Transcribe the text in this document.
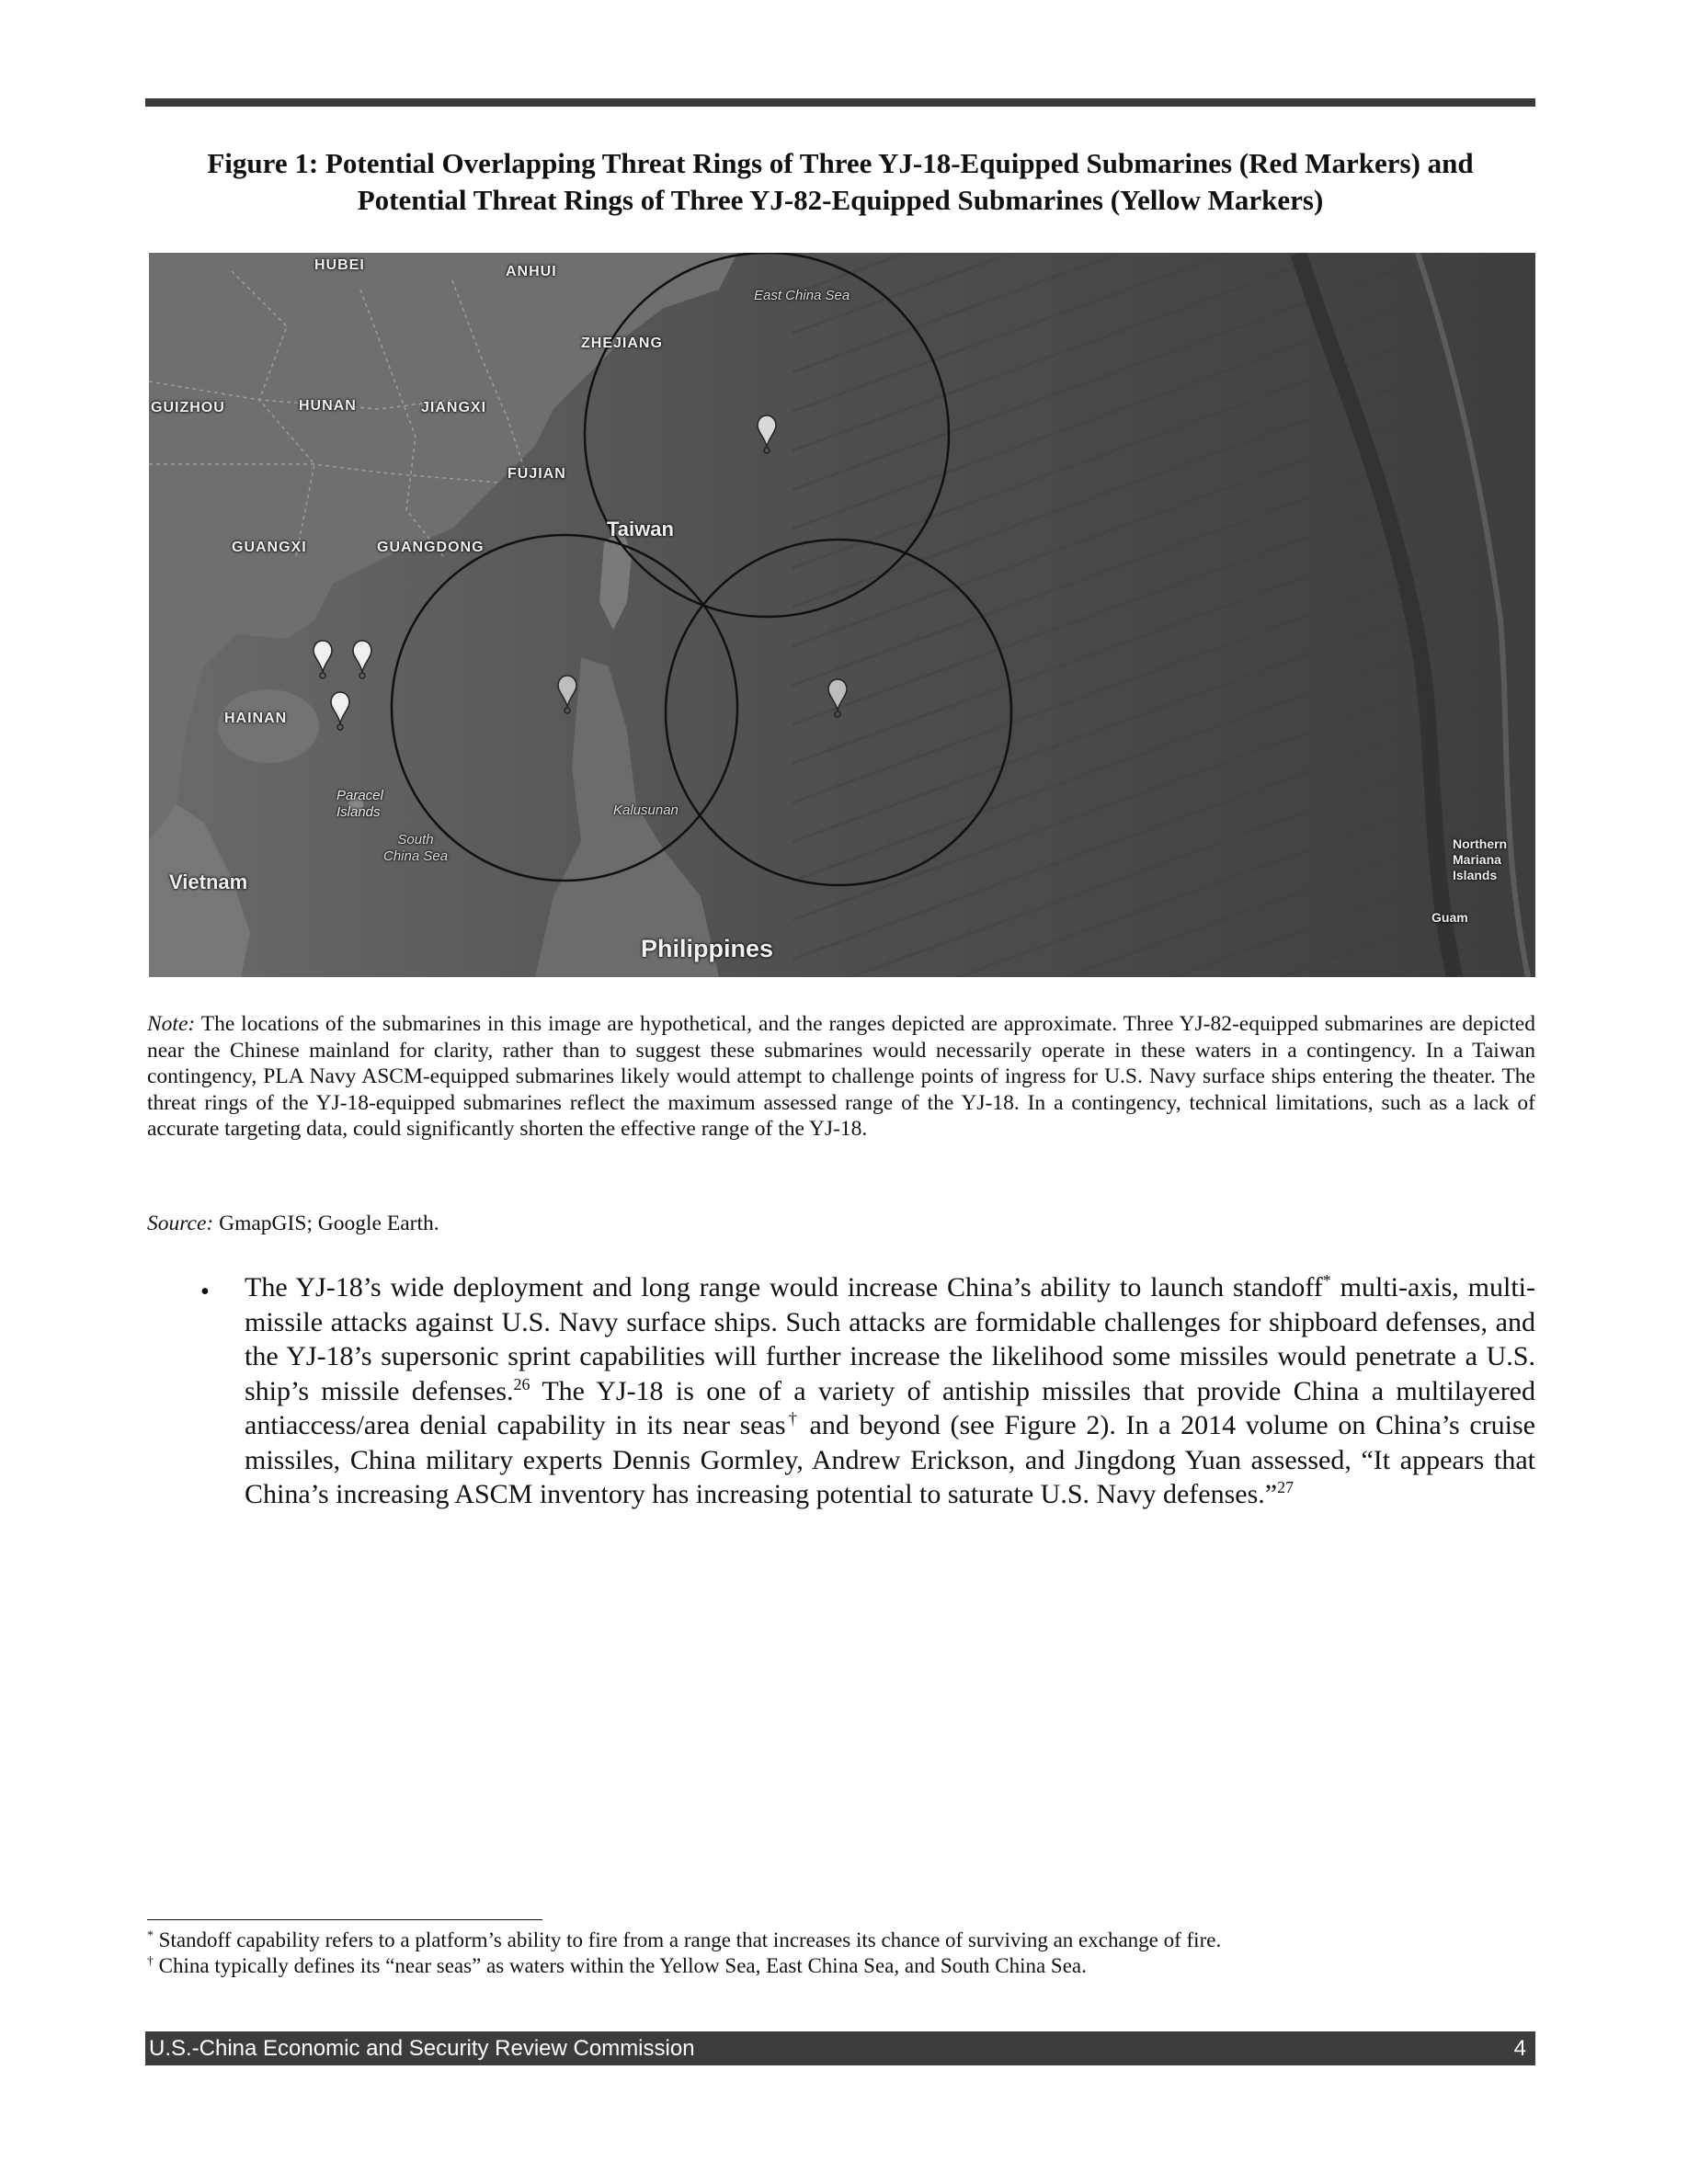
Figure 1: Potential Overlapping Threat Rings of Three YJ-18-Equipped Submarines (Red Markers) and
Potential Threat Rings of Three YJ-82-Equipped Submarines (Yellow Markers)
HUBEI	ANHUI
ZHEJIANG
East China Sea
GUIZHOU	HUNAN	JIANGXI
FUJIAN
Taiwan
GUANGXI	GUANGDONG
HAINAN
Paracel
Islands
South
China Sea
Kalusunan
Vietnam
Philippines
Northern
Mariana
Islands
Guam
Note: The locations of the submarines in this image are hypothetical, and the ranges depicted are approximate. Three YJ-82-equipped submarines are depicted near the Chinese mainland for clarity, rather than to suggest these submarines would necessarily operate in these waters in a contingency. In a Taiwan contingency, PLA Navy ASCM-equipped submarines likely would attempt to challenge points of ingress for U.S. Navy surface ships entering the theater. The threat rings of the YJ-18-equipped submarines reflect the maximum assessed range of the YJ-18. In a contingency, technical limitations, such as a lack of accurate targeting data, could significantly shorten the effective range of the YJ-18.
Source: GmapGIS; Google Earth.
• The YJ-18’s wide deployment and long range would increase China’s ability to launch standoff* multi-axis, multi-missile attacks against U.S. Navy surface ships. Such attacks are formidable challenges for shipboard defenses, and the YJ-18’s supersonic sprint capabilities will further increase the likelihood some missiles would penetrate a U.S. ship’s missile defenses.$^{26}$ The YJ-18 is one of a variety of antiship missiles that provide China a multilayered antiaccess/area denial capability in its near seas† and beyond (see Figure 2). In a 2014 volume on China’s cruise missiles, China military experts Dennis Gormley, Andrew Erickson, and Jingdong Yuan assessed, “It appears that China’s increasing ASCM inventory has increasing potential to saturate U.S. Navy defenses.”$^{27}$
* Standoff capability refers to a platform’s ability to fire from a range that increases its chance of surviving an exchange of fire.
† China typically defines its “near seas” as waters within the Yellow Sea, East China Sea, and South China Sea.
U.S.-China Economic and Security Review Commission	4
